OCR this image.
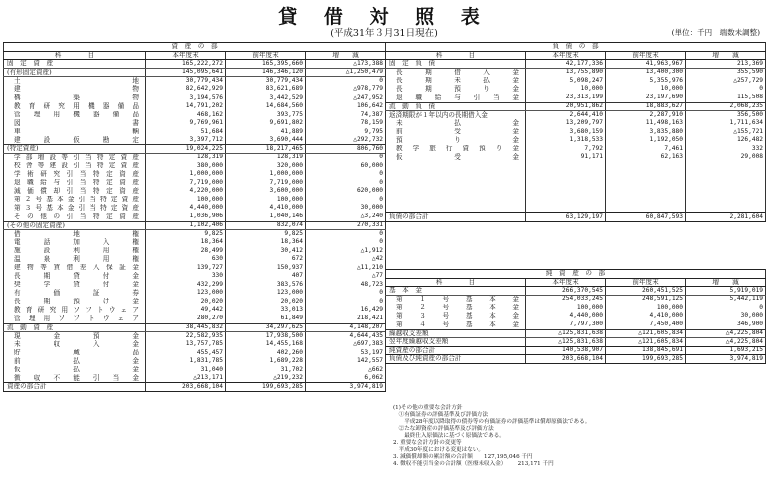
貸 借 対 照 表
(平成31年３月31日現在)	(単位：千円　端数未調整)
資　産　の　部			
科　　　　目	本年度末	前年度末	増　　減
固　定　資　産	165,222,272	165,395,660	△173,388
(有形固定資産)	145,095,641	146,346,120	△1,250,479
土地	30,779,434	30,779,434	0
建物	82,642,929	83,621,689	△978,779
構築物	3,194,576	3,442,529	△247,952
教育研究用機器備品	14,791,202	14,684,560	106,642
管理用機器備品	468,162	393,775	74,387
図書	9,769,961	9,691,802	78,159
車輌	51,684	41,889	9,795
建設仮勘定	3,397,712	3,690,444	△292,732
(特定資産)	19,024,225	18,217,465	806,760
学部増設等引当特定資産	128,319	128,319	0
校舎等建設引当特定資産	380,000	320,000	60,000
学術研究引当特定資産	1,000,000	1,000,000	0
退職給与引当特定資産	7,719,000	7,719,000	0
減価償却引当特定資産	4,220,000	3,600,000	620,000
第２号基本金引当特定資産	100,000	100,000	0
第３号基本金引当特定資産	4,440,000	4,410,000	30,000
その他の引当特定資産	1,036,906	1,040,146	△3,240
(その他の固定資産)	1,102,406	832,074	270,331
借地権	9,825	9,825	0
電話加入権	18,364	18,364	0
施設利用権	28,499	30,412	△1,912
温泉利用権	630	672	△42
建物等賃借差入保証金	139,727	150,937	△11,210
長期貸付金	330	407	△77
奨学貸付金	432,299	383,576	48,723
有価証券	123,000	123,000	0
長期預け金	20,020	20,020	0
教育研究用ソフトウェア	49,442	33,013	16,429
管理用ソフトウェア	280,270	61,849	218,421
流　動　資　産	38,445,832	34,297,625	4,148,207
現金預金	22,582,935	17,938,500	4,644,435
未収入金	13,757,785	14,455,168	△697,383
貯蔵品	455,457	402,260	53,197
前払金	1,831,785	1,689,228	142,557
仮払金	31,040	31,702	△662
徴収不能引当金	△213,171	△219,232	6,062
資産の部合計	203,668,104	199,693,285	3,974,819
負　債　の　部			
科　　　　目	本年度末	前年度末	増　　減
固　定　負　債	42,177,336	41,963,967	213,369
長期借入金	13,755,890	13,400,300	355,590
長期未払金	5,098,247	5,355,976	△257,729
長期預り金	10,000	10,000	0
退職給与引当金	23,313,199	23,197,690	115,508
流　動　負　債	20,951,862	18,883,627	2,068,235
返済期限が１年以内の長期借入金	2,644,410	2,287,910	356,500
未払金	13,209,797	11,498,163	1,711,634
前受金	3,680,159	3,835,880	△155,721
預り金	1,318,533	1,192,050	126,482
教学旅行資預り金	7,792	7,461	332
仮受金	91,171	62,163	29,008

負債の部合計	63,129,197	60,847,593	2,281,604
純　資　産　の　部			
科　　　　目	本年度末	前年度末	増　　減
基　本　金	266,370,545	260,451,525	5,919,019
第１号基本金	254,033,245	248,591,125	5,442,119
第２号基本金	100,000	100,000	0
第３号基本金	4,440,000	4,410,000	30,000
第４号基本金	7,797,300	7,450,400	346,900
繰越収支差額	△125,831,638	△121,605,834	△4,225,804
翌年度繰越収支差額	△125,831,638	△121,605,834	△4,225,804
純資産の部合計	140,538,907	138,845,691	1,693,215
負債及び純資産の部合計	203,668,104	199,693,285	3,974,819
(1)その他の重要な会計方針
　①有価証券の評価基準及び評価方法
　　平成28年度以降取得の債券等の有価証券の評価基準は償却原価法である。
　②たな卸資産の評価基準及び評価方法
　　最終仕入原価法に基づく原価法である。
2. 重要な会計方針の変更等
　平成30年度における変更はない。
3. 減価償却額の累計額の合計額　　 127,195,046 千円
4. 徴収不能引当金の合計額（医療未収入金）　　 213,171 千円
